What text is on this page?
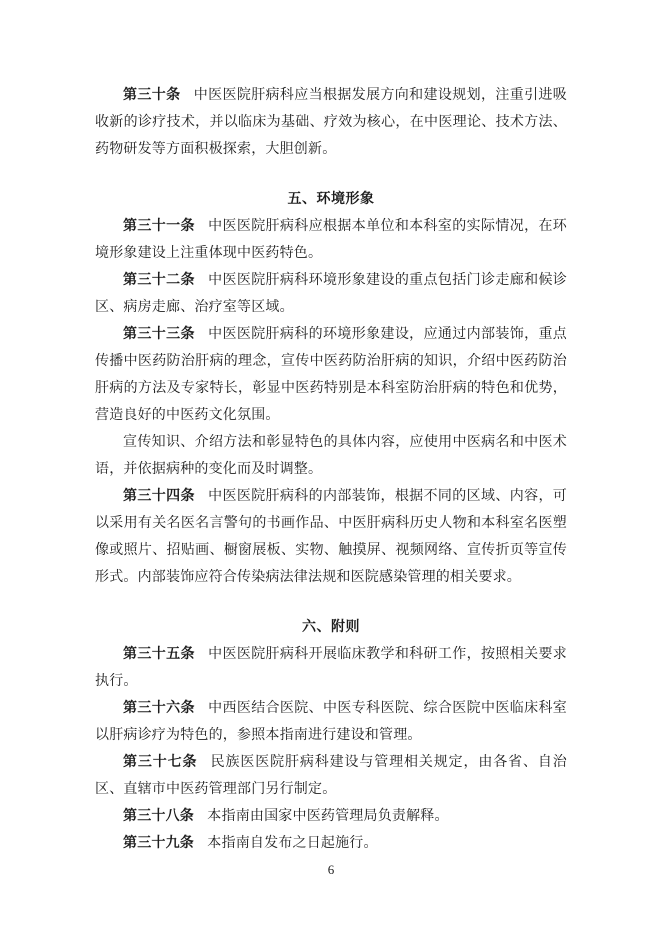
第三十条 中医医院肝病科应当根据发展方向和建设规划，注重引进吸收新的诊疗技术，并以临床为基础、疗效为核心，在中医理论、技术方法、药物研发等方面积极探索，大胆创新。

五、环境形象

第三十一条 中医医院肝病科应根据本单位和本科室的实际情况，在环境形象建设上注重体现中医药特色。

第三十二条 中医医院肝病科环境形象建设的重点包括门诊走廊和候诊区、病房走廊、治疗室等区域。

第三十三条 中医医院肝病科的环境形象建设，应通过内部装饰，重点传播中医药防治肝病的理念，宣传中医药防治肝病的知识，介绍中医药防治肝病的方法及专家特长，彰显中医药特别是本科室防治肝病的特色和优势，营造良好的中医药文化氛围。

宣传知识、介绍方法和彰显特色的具体内容，应使用中医病名和中医术语，并依据病种的变化而及时调整。

第三十四条 中医医院肝病科的内部装饰，根据不同的区域、内容，可以采用有关名医名言警句的书画作品、中医肝病科历史人物和本科室名医塑像或照片、招贴画、橱窗展板、实物、触摸屏、视频网络、宣传折页等宣传形式。内部装饰应符合传染病法律法规和医院感染管理的相关要求。

六、附则

第三十五条 中医医院肝病科开展临床教学和科研工作，按照相关要求执行。

第三十六条 中西医结合医院、中医专科医院、综合医院中医临床科室以肝病诊疗为特色的，参照本指南进行建设和管理。

第三十七条 民族医医院肝病科建设与管理相关规定，由各省、自治区、直辖市中医药管理部门另行制定。

第三十八条 本指南由国家中医药管理局负责解释。

第三十九条 本指南自发布之日起施行。

6
